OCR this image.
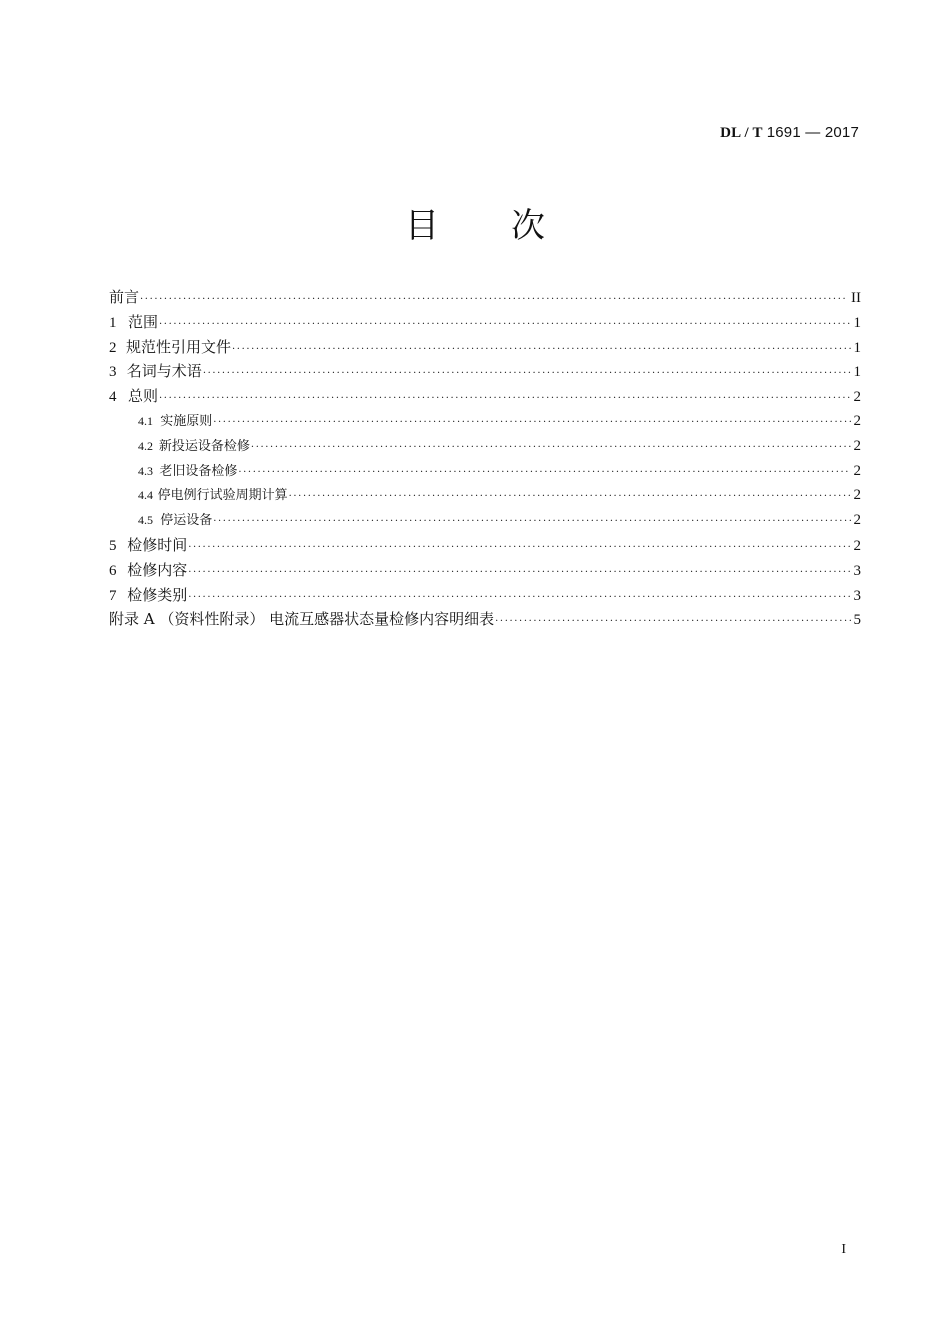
DL / T 1691 — 2017
目 次
前言 ·····	II
1 范围 ·····	1
2 规范性引用文件 ·····	1
3 名词与术语 ·····	1
4 总则 ·····	2
4.1 实施原则 ·····	2
4.2 新投运设备检修 ·····	2
4.3 老旧设备检修 ·····	2
4.4 停电例行试验周期计算 ·····	2
4.5 停运设备 ·····	2
5 检修时间 ·····	2
6 检修内容 ·····	3
7 检修类别 ·····	3
附录 A （资料性附录） 电流互感器状态量检修内容明细表 ·····	5
I
